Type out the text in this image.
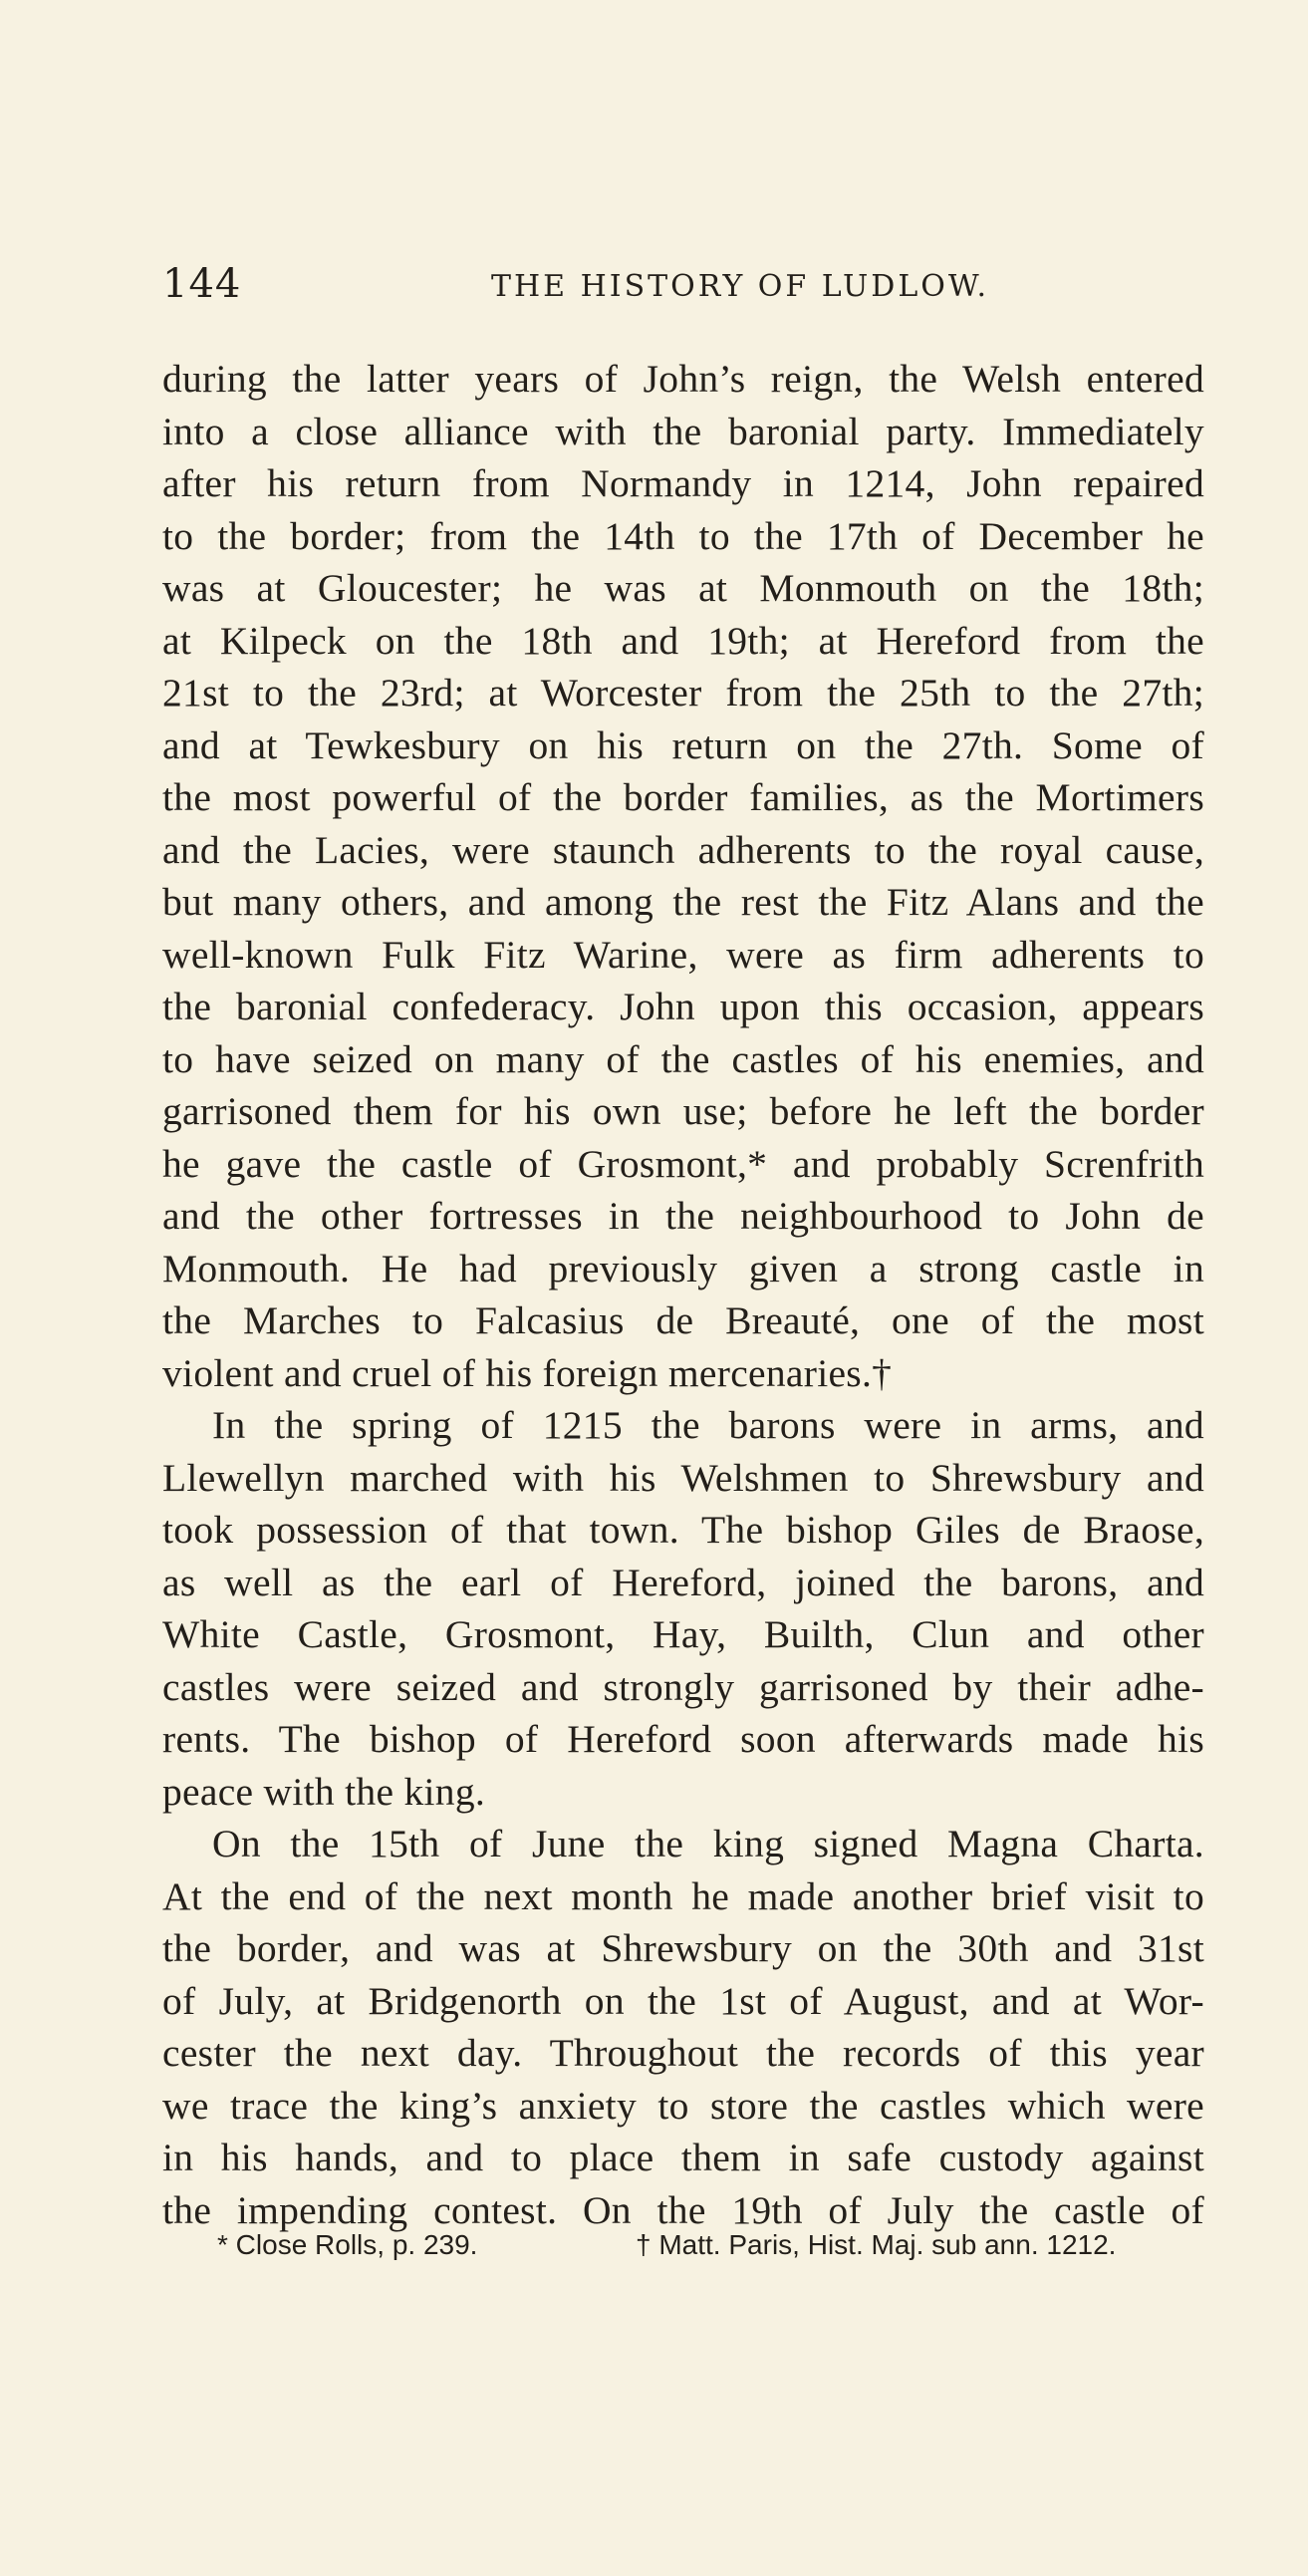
144	THE HISTORY OF LUDLOW.
during the latter years of John’s reign, the Welsh entered
into a close alliance with the baronial party. Immediately
after his return from Normandy in 1214, John repaired
to the border; from the 14th to the 17th of December he
was at Gloucester; he was at Monmouth on the 18th;
at Kilpeck on the 18th and 19th; at Hereford from the
21st to the 23rd; at Worcester from the 25th to the 27th;
and at Tewkesbury on his return on the 27th. Some of
the most powerful of the border families, as the Mortimers
and the Lacies, were staunch adherents to the royal cause,
but many others, and among the rest the Fitz Alans and the
well-known Fulk Fitz Warine, were as firm adherents to
the baronial confederacy. John upon this occasion, appears
to have seized on many of the castles of his enemies, and
garrisoned them for his own use; before he left the border
he gave the castle of Grosmont,* and probably Screnfrith
and the other fortresses in the neighbourhood to John de
Monmouth. He had previously given a strong castle in
the Marches to Falcasius de Breauté, one of the most
violent and cruel of his foreign mercenaries.†
In the spring of 1215 the barons were in arms, and
Llewellyn marched with his Welshmen to Shrewsbury and
took possession of that town. The bishop Giles de Braose,
as well as the earl of Hereford, joined the barons, and
White Castle, Grosmont, Hay, Builth, Clun and other
castles were seized and strongly garrisoned by their adhe-
rents. The bishop of Hereford soon afterwards made his
peace with the king.
On the 15th of June the king signed Magna Charta.
At the end of the next month he made another brief visit to
the border, and was at Shrewsbury on the 30th and 31st
of July, at Bridgenorth on the 1st of August, and at Wor-
cester the next day. Throughout the records of this year
we trace the king’s anxiety to store the castles which were
in his hands, and to place them in safe custody against
the impending contest. On the 19th of July the castle of
* Close Rolls, p. 239.	† Matt. Paris, Hist. Maj. sub ann. 1212.
